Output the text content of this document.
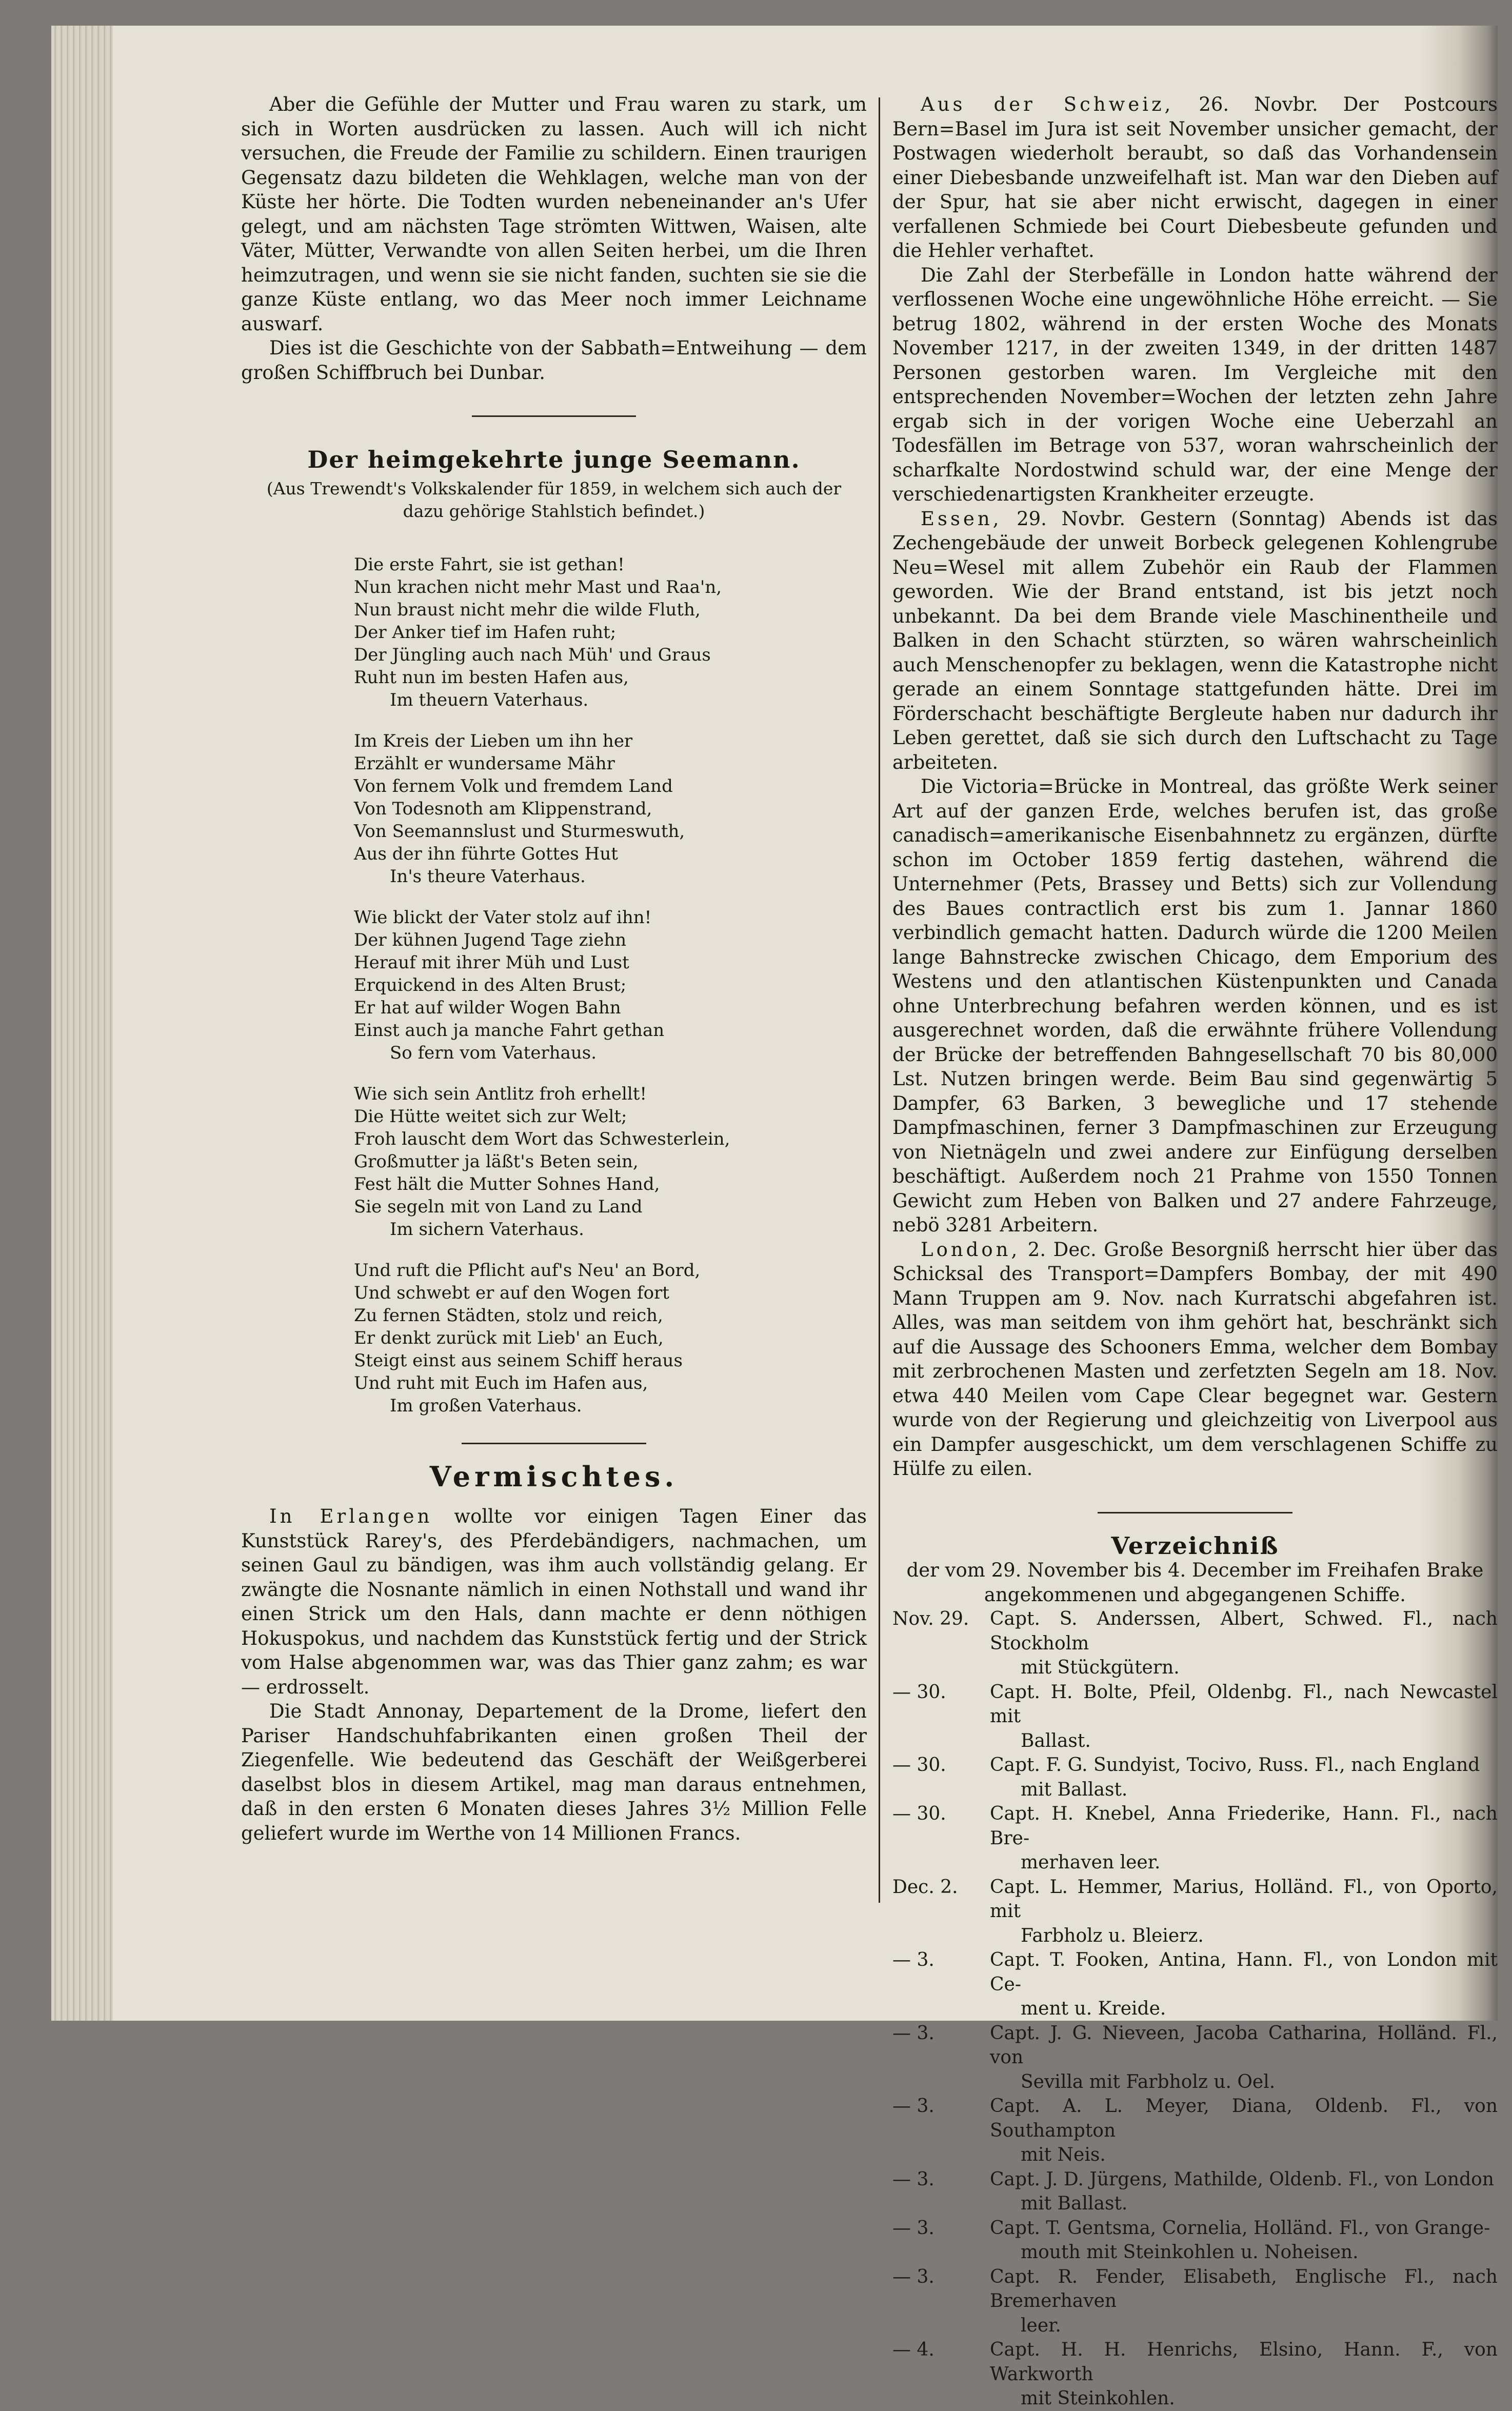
Aber die Gefühle der Mutter und Frau waren zu stark, um sich in Worten ausdrücken zu lassen. Auch will ich nicht versuchen, die Freude der Familie zu schildern. Einen traurigen Gegensatz dazu bildeten die Wehklagen, welche man von der Küste her hörte. Die Todten wurden nebeneinander an's Ufer gelegt, und am nächsten Tage strömten Wittwen, Waisen, alte Väter, Mütter, Verwandte von allen Seiten herbei, um die Ihren heimzutragen, und wenn sie sie nicht fanden, suchten sie sie die ganze Küste entlang, wo das Meer noch immer Leichname auswarf.

Dies ist die Geschichte von der Sabbath=Entweihung — dem großen Schiffbruch bei Dunbar.

Der heimgekehrte junge Seemann.
(Aus Trewendt's Volkskalender für 1859, in welchem sich auch der dazu gehörige Stahlstich befindet.)
Die erste Fahrt, sie ist gethan!
Nun krachen nicht mehr Mast und Raa'n,
Nun braust nicht mehr die wilde Fluth,
Der Anker tief im Hafen ruht;
Der Jüngling auch nach Müh' und Graus
Ruht nun im besten Hafen aus,
Im theuern Vaterhaus.
Im Kreis der Lieben um ihn her
Erzählt er wundersame Mähr
Von fernem Volk und fremdem Land
Von Todesnoth am Klippenstrand,
Von Seemannslust und Sturmeswuth,
Aus der ihn führte Gottes Hut
In's theure Vaterhaus.
Wie blickt der Vater stolz auf ihn!
Der kühnen Jugend Tage ziehn
Herauf mit ihrer Müh und Lust
Erquickend in des Alten Brust;
Er hat auf wilder Wogen Bahn
Einst auch ja manche Fahrt gethan
So fern vom Vaterhaus.
Wie sich sein Antlitz froh erhellt!
Die Hütte weitet sich zur Welt;
Froh lauscht dem Wort das Schwesterlein,
Großmutter ja läßt's Beten sein,
Fest hält die Mutter Sohnes Hand,
Sie segeln mit von Land zu Land
Im sichern Vaterhaus.
Und ruft die Pflicht auf's Neu' an Bord,
Und schwebt er auf den Wogen fort
Zu fernen Städten, stolz und reich,
Er denkt zurück mit Lieb' an Euch,
Steigt einst aus seinem Schiff heraus
Und ruht mit Euch im Hafen aus,
Im großen Vaterhaus.
Vermischtes.

In Erlangen wollte vor einigen Tagen Einer das Kunststück Rarey's, des Pferdebändigers, nachmachen, um seinen Gaul zu bändigen, was ihm auch vollständig gelang. Er zwängte die Nosnante nämlich in einen Nothstall und wand ihr einen Strick um den Hals, dann machte er denn nöthigen Hokuspokus, und nachdem das Kunststück fertig und der Strick vom Halse abgenommen war, was das Thier ganz zahm; es war — erdrosselt.

Die Stadt Annonay, Departement de la Drome, liefert den Pariser Handschuhfabrikanten einen großen Theil der Ziegenfelle. Wie bedeutend das Geschäft der Weißgerberei daselbst blos in diesem Artikel, mag man daraus entnehmen, daß in den ersten 6 Monaten dieses Jahres 3½ Million Felle geliefert wurde im Werthe von 14 Millionen Francs.

Aus der Schweiz, 26. Novbr. Der Postcours Bern=Basel im Jura ist seit November unsicher gemacht, der Postwagen wiederholt beraubt, so daß das Vorhandensein einer Diebesbande unzweifelhaft ist. Man war den Dieben auf der Spur, hat sie aber nicht erwischt, dagegen in einer verfallenen Schmiede bei Court Diebesbeute gefunden und die Hehler verhaftet.

Die Zahl der Sterbefälle in London hatte während der verflossenen Woche eine ungewöhnliche Höhe erreicht. — Sie betrug 1802, während in der ersten Woche des Monats November 1217, in der zweiten 1349, in der dritten 1487 Personen gestorben waren. Im Vergleiche mit den entsprechenden November=Wochen der letzten zehn Jahre ergab sich in der vorigen Woche eine Ueberzahl an Todesfällen im Betrage von 537, woran wahrscheinlich der scharfkalte Nordostwind schuld war, der eine Menge der verschiedenartigsten Krankheiter erzeugte.

Essen, 29. Novbr. Gestern (Sonntag) Abends ist das Zechengebäude der unweit Borbeck gelegenen Kohlengrube Neu=Wesel mit allem Zubehör ein Raub der Flammen geworden. Wie der Brand entstand, ist bis jetzt noch unbekannt. Da bei dem Brande viele Maschinentheile und Balken in den Schacht stürzten, so wären wahrscheinlich auch Menschenopfer zu beklagen, wenn die Katastrophe nicht gerade an einem Sonntage stattgefunden hätte. Drei im Förderschacht beschäftigte Bergleute haben nur dadurch ihr Leben gerettet, daß sie sich durch den Luftschacht zu Tage arbeiteten.

Die Victoria=Brücke in Montreal, das größte Werk seiner Art auf der ganzen Erde, welches berufen ist, das große canadisch=amerikanische Eisenbahnnetz zu ergänzen, dürfte schon im October 1859 fertig dastehen, während die Unternehmer (Pets, Brassey und Betts) sich zur Vollendung des Baues contractlich erst bis zum 1. Jannar 1860 verbindlich gemacht hatten. Dadurch würde die 1200 Meilen lange Bahnstrecke zwischen Chicago, dem Emporium des Westens und den atlantischen Küstenpunkten und Canada ohne Unterbrechung befahren werden können, und es ist ausgerechnet worden, daß die erwähnte frühere Vollendung der Brücke der betreffenden Bahngesellschaft 70 bis 80,000 Lst. Nutzen bringen werde. Beim Bau sind gegenwärtig 5 Dampfer, 63 Barken, 3 bewegliche und 17 stehende Dampfmaschinen, ferner 3 Dampfmaschinen zur Erzeugung von Nietnägeln und zwei andere zur Einfügung derselben beschäftigt. Außerdem noch 21 Prahme von 1550 Tonnen Gewicht zum Heben von Balken und 27 andere Fahrzeuge, nebö 3281 Arbeitern.

London, 2. Dec. Große Besorgniß herrscht hier über das Schicksal des Transport=Dampfers Bombay, der mit 490 Mann Truppen am 9. Nov. nach Kurratschi abgefahren ist. Alles, was man seitdem von ihm gehört hat, beschränkt sich auf die Aussage des Schooners Emma, welcher dem Bombay mit zerbrochenen Masten und zerfetzten Segeln am 18. Nov. etwa 440 Meilen vom Cape Clear begegnet war. Gestern wurde von der Regierung und gleichzeitig von Liverpool aus ein Dampfer ausgeschickt, um dem verschlagenen Schiffe zu Hülfe zu eilen.

Verzeichniß
der vom 29. November bis 4. December im Freihafen Brake angekommenen und abgegangenen Schiffe.
Nov. 29.	Capt. S. Anderssen, Albert, Schwed. Fl., nach Stockholm
mit Stückgütern.
— 30.	Capt. H. Bolte, Pfeil, Oldenbg. Fl., nach Newcastel mit
Ballast.
— 30.	Capt. F. G. Sundyist, Tocivo, Russ. Fl., nach England
mit Ballast.
— 30.	Capt. H. Knebel, Anna Friederike, Hann. Fl., nach Bre-
merhaven leer.
Dec. 2.	Capt. L. Hemmer, Marius, Holländ. Fl., von Oporto, mit
Farbholz u. Bleierz.
— 3.	Capt. T. Fooken, Antina, Hann. Fl., von London mit Ce-
ment u. Kreide.
— 3.	Capt. J. G. Nieveen, Jacoba Catharina, Holländ. Fl., von
Sevilla mit Farbholz u. Oel.
— 3.	Capt. A. L. Meyer, Diana, Oldenb. Fl., von Southampton
mit Neis.
— 3.	Capt. J. D. Jürgens, Mathilde, Oldenb. Fl., von London
mit Ballast.
— 3.	Capt. T. Gentsma, Cornelia, Holländ. Fl., von Grange-
mouth mit Steinkohlen u. Noheisen.
— 3.	Capt. R. Fender, Elisabeth, Englische Fl., nach Bremerhaven
leer.
— 4.	Capt. H. H. Henrichs, Elsino, Hann. F., von Warkworth
mit Steinkohlen.
